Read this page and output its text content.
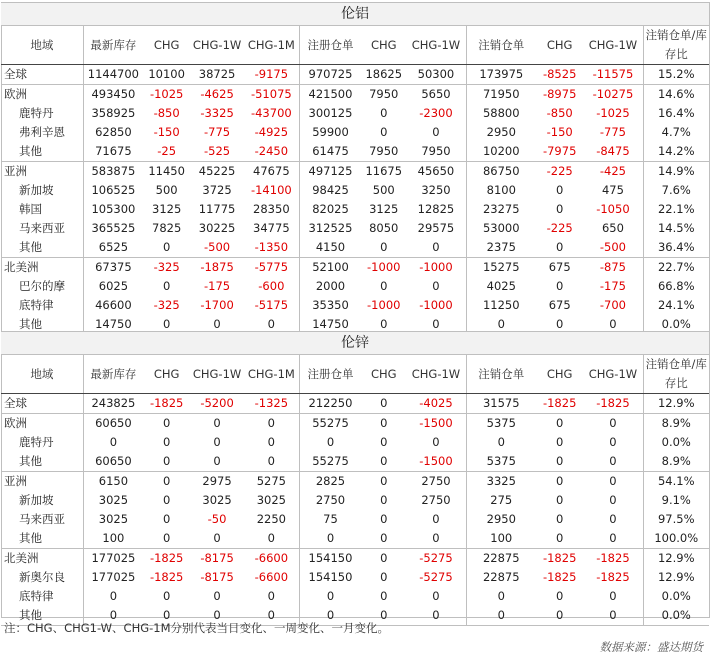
伦铝											
地域	最新库存	CHG	CHG-1W	CHG-1M	注册仓单	CHG	CHG-1W	注销仓单	CHG	CHG-1W	注销仓单/库存比
全球	1144700	10100	38725	-9175	970725	18625	50300	173975	-8525	-11575	15.2%
欧洲	493450	-1025	-4625	-51075	421500	7950	5650	71950	-8975	-10275	14.6%
鹿特丹	358925	-850	-3325	-43700	300125	0	-2300	58800	-850	-1025	16.4%
弗利辛恩	62850	-150	-775	-4925	59900	0	0	2950	-150	-775	4.7%
其他	71675	-25	-525	-2450	61475	7950	7950	10200	-7975	-8475	14.2%
亚洲	583875	11450	45225	47675	497125	11675	45650	86750	-225	-425	14.9%
新加坡	106525	500	3725	-14100	98425	500	3250	8100	0	475	7.6%
韩国	105300	3125	11775	28350	82025	3125	12825	23275	0	-1050	22.1%
马来西亚	365525	7825	30225	34775	312525	8050	29575	53000	-225	650	14.5%
其他	6525	0	-500	-1350	4150	0	0	2375	0	-500	36.4%
北美洲	67375	-325	-1875	-5775	52100	-1000	-1000	15275	675	-875	22.7%
巴尔的摩	6025	0	-175	-600	2000	0	0	4025	0	-175	66.8%
底特律	46600	-325	-1700	-5175	35350	-1000	-1000	11250	675	-700	24.1%
其他	14750	0	0	0	14750	0	0	0	0	0	0.0%
伦锌											
地域	最新库存	CHG	CHG-1W	CHG-1M	注册仓单	CHG	CHG-1W	注销仓单	CHG	CHG-1W	注销仓单/库存比
全球	243825	-1825	-5200	-1325	212250	0	-4025	31575	-1825	-1825	12.9%
欧洲	60650	0	0	0	55275	0	-1500	5375	0	0	8.9%
鹿特丹	0	0	0	0	0	0	0	0	0	0	0.0%
其他	60650	0	0	0	55275	0	-1500	5375	0	0	8.9%
亚洲	6150	0	2975	5275	2825	0	2750	3325	0	0	54.1%
新加坡	3025	0	3025	3025	2750	0	2750	275	0	0	9.1%
马来西亚	3025	0	-50	2250	75	0	0	2950	0	0	97.5%
其他	100	0	0	0	0	0	0	100	0	0	100.0%
北美洲	177025	-1825	-8175	-6600	154150	0	-5275	22875	-1825	-1825	12.9%
新奥尔良	177025	-1825	-8175	-6600	154150	0	-5275	22875	-1825	-1825	12.9%
底特律	0	0	0	0	0	0	0	0	0	0	0.0%
其他	0	0	0	0	0	0	0	0	0	0	0.0%
注：CHG、CHG1-W、CHG-1M分别代表当日变化、一周变化、一月变化。
数据来源：盛达期货
